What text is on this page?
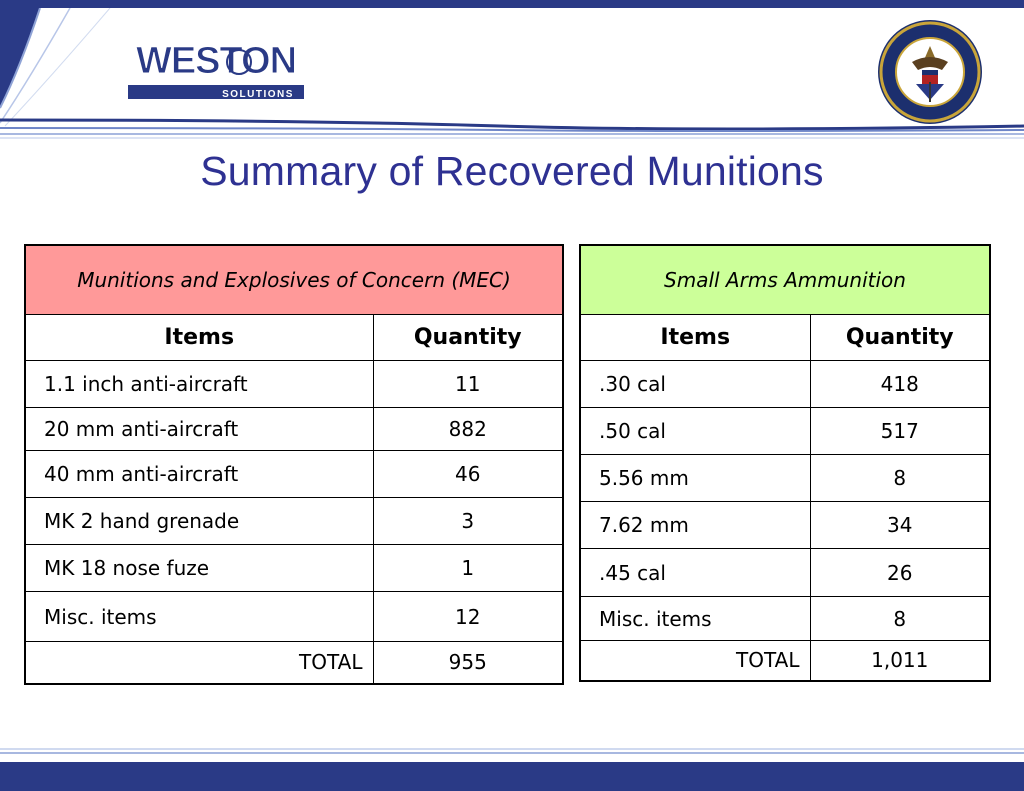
WESTON
SOLUTIONS
Summary of Recovered Munitions
Munitions and Explosives of Concern (MEC)	
Items	Quantity
1.1 inch anti-aircraft	11
20 mm anti-aircraft	882
40 mm anti-aircraft	46
MK 2 hand grenade	3
MK 18 nose fuze	1
Misc. items	12
TOTAL	955
Small Arms Ammunition	
Items	Quantity
.30 cal	418
.50 cal	517
5.56 mm	8
7.62 mm	34
.45 cal	26
Misc. items	8
TOTAL	1,011
